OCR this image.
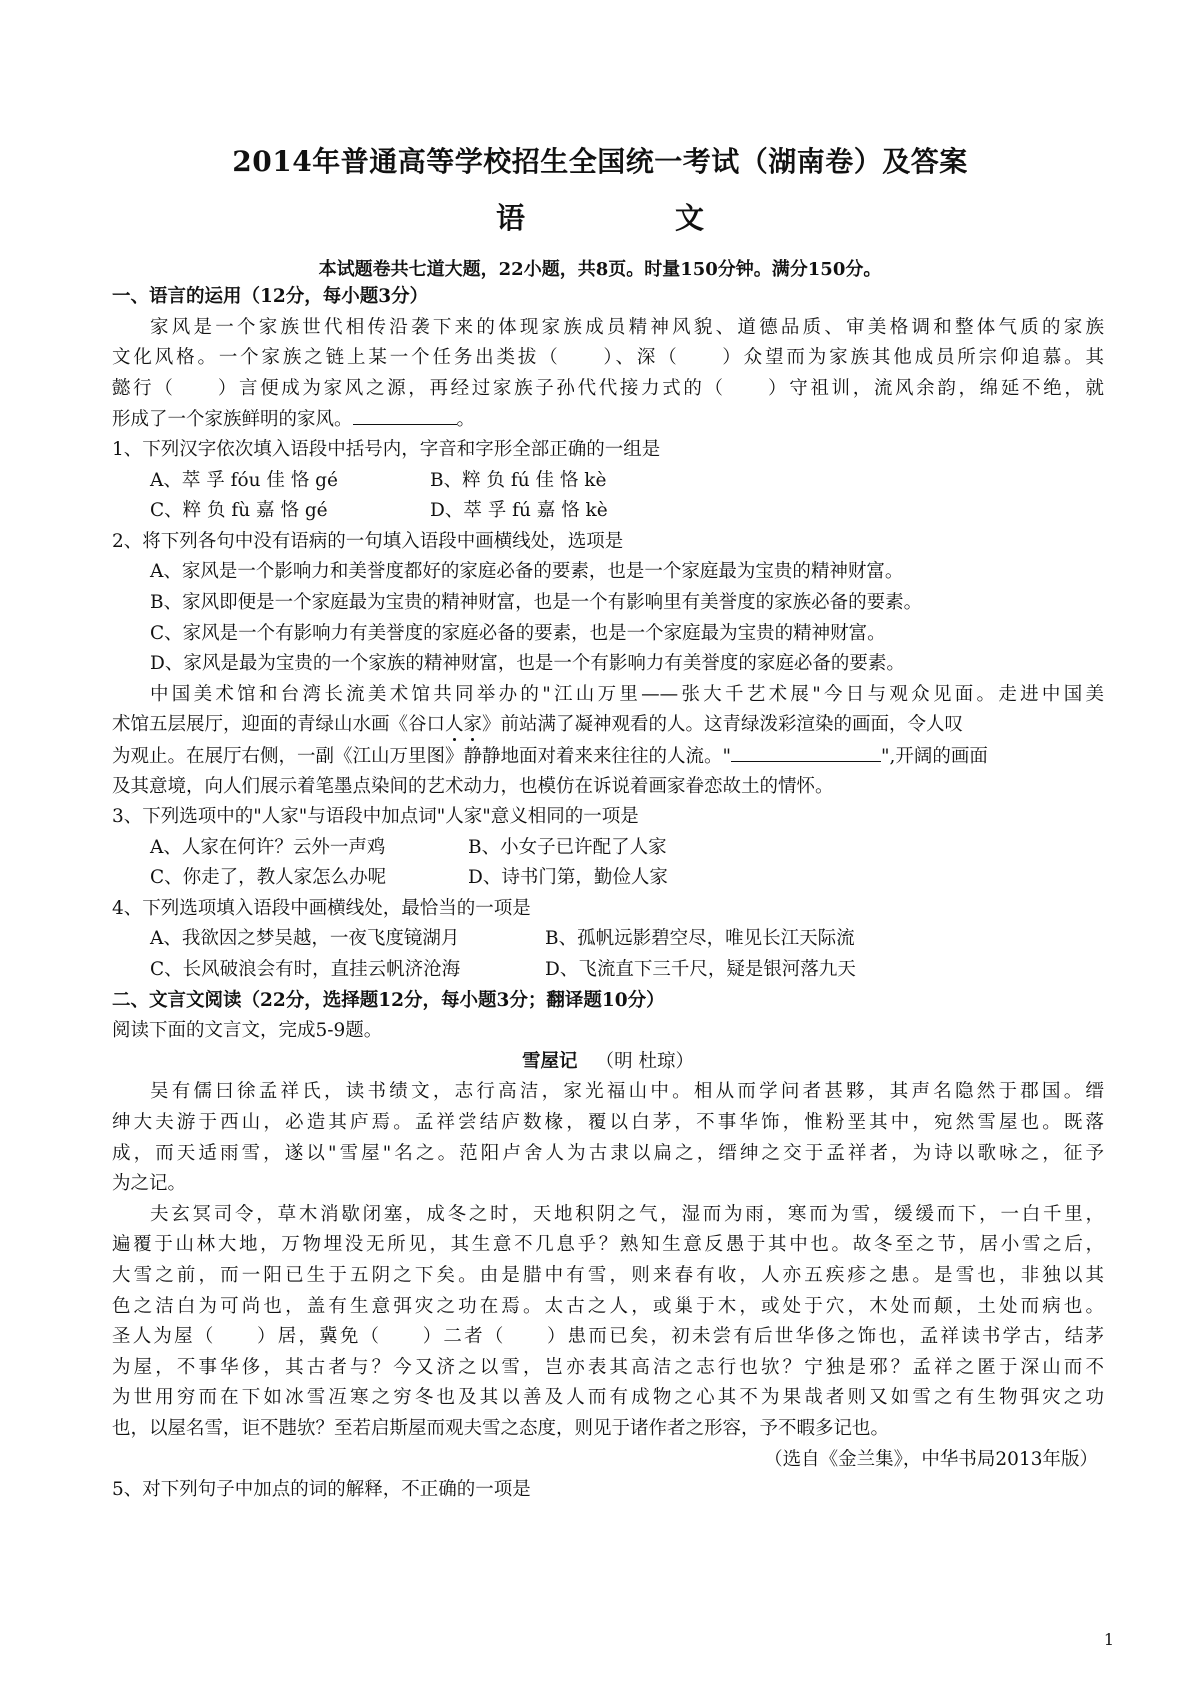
2014年普通高等学校招生全国统一考试（湖南卷）及答案
语	文
本试题卷共七道大题，22小题，共8页。时量150分钟。满分150分。
一、语言的运用（12分，每小题3分）
家风是一个家族世代相传沿袭下来的体现家族成员精神风貌、道德品质、审美格调和整体气质的家族
文化风格。一个家族之链上某一个任务出类拔（　　）、深（　　）众望而为家族其他成员所宗仰追慕。其
懿行（　　）言便成为家风之源，再经过家族子孙代代接力式的（　　）守祖训，流风余韵，绵延不绝，就
形成了一个家族鲜明的家风。	。
1、下列汉字依次填入语段中括号内，字音和字形全部正确的一组是
A、萃 孚 fóu 佳 恪 gé	B、粹 负 fú 佳 恪 kè
C、粹 负 fù 嘉 恪 gé	D、萃 孚 fú 嘉 恪 kè
2、将下列各句中没有语病的一句填入语段中画横线处，选项是
A、家风是一个影响力和美誉度都好的家庭必备的要素，也是一个家庭最为宝贵的精神财富。
B、家风即便是一个家庭最为宝贵的精神财富，也是一个有影响里有美誉度的家族必备的要素。
C、家风是一个有影响力有美誉度的家庭必备的要素，也是一个家庭最为宝贵的精神财富。
D、家风是最为宝贵的一个家族的精神财富，也是一个有影响力有美誉度的家庭必备的要素。
中国美术馆和台湾长流美术馆共同举办的"江山万里——张大千艺术展"今日与观众见面。走进中国美
术馆五层展厅，迎面的青绿山水画《谷口人家》前站满了凝神观看的人。这青绿泼彩渲染的画面，令人叹
为观止。在展厅右侧，一副《江山万里图》静静地面对着来来往往的人流。"	",开阔的画面
及其意境，向人们展示着笔墨点染间的艺术动力，也模仿在诉说着画家眷恋故土的情怀。
3、下列选项中的"人家"与语段中加点词"人家"意义相同的一项是
A、人家在何许？云外一声鸡	B、小女子已许配了人家
C、你走了，教人家怎么办呢	D、诗书门第，勤俭人家
4、下列选项填入语段中画横线处，最恰当的一项是
A、我欲因之梦吴越，一夜飞度镜湖月	B、孤帆远影碧空尽，唯见长江天际流
C、长风破浪会有时，直挂云帆济沧海	D、飞流直下三千尺，疑是银河落九天
二、文言文阅读（22分，选择题12分，每小题3分；翻译题10分）
阅读下面的文言文，完成5-9题。
雪屋记 （明 杜琼）
吴有儒曰徐孟祥氏，读书绩文，志行高洁，家光福山中。相从而学问者甚夥，其声名隐然于郡国。缙
绅大夫游于西山，必造其庐焉。孟祥尝结庐数椽，覆以白茅，不事华饰，惟粉垩其中，宛然雪屋也。既落
成，而天适雨雪，遂以"雪屋"名之。范阳卢舍人为古隶以扁之，缙绅之交于孟祥者，为诗以歌咏之，征予
为之记。
夫玄冥司令，草木消歇闭塞，成冬之时，天地积阴之气，湿而为雨，寒而为雪，缓缓而下，一白千里，
遍覆于山林大地，万物埋没无所见，其生意不几息乎？熟知生意反愚于其中也。故冬至之节，居小雪之后，
大雪之前，而一阳已生于五阴之下矣。由是腊中有雪，则来春有收，人亦五疾疹之患。是雪也，非独以其
色之洁白为可尚也，盖有生意弭灾之功在焉。太古之人，或巢于木，或处于穴，木处而颠，土处而病也。
圣人为屋（　　）居，冀免（　　）二者（　　）患而已矣，初未尝有后世华侈之饰也，孟祥读书学古，结茅
为屋，不事华侈，其古者与？今又济之以雪，岂亦表其高洁之志行也欤？宁独是邪？孟祥之匿于深山而不
为世用穷而在下如冰雪冱寒之穷冬也及其以善及人而有成物之心其不为果哉者则又如雪之有生物弭灾之功
也，以屋名雪，讵不韪欤？至若启斯屋而观夫雪之态度，则见于诸作者之形容，予不暇多记也。
（选自《金兰集》，中华书局2013年版）
5、对下列句子中加点的词的解释，不正确的一项是
1
